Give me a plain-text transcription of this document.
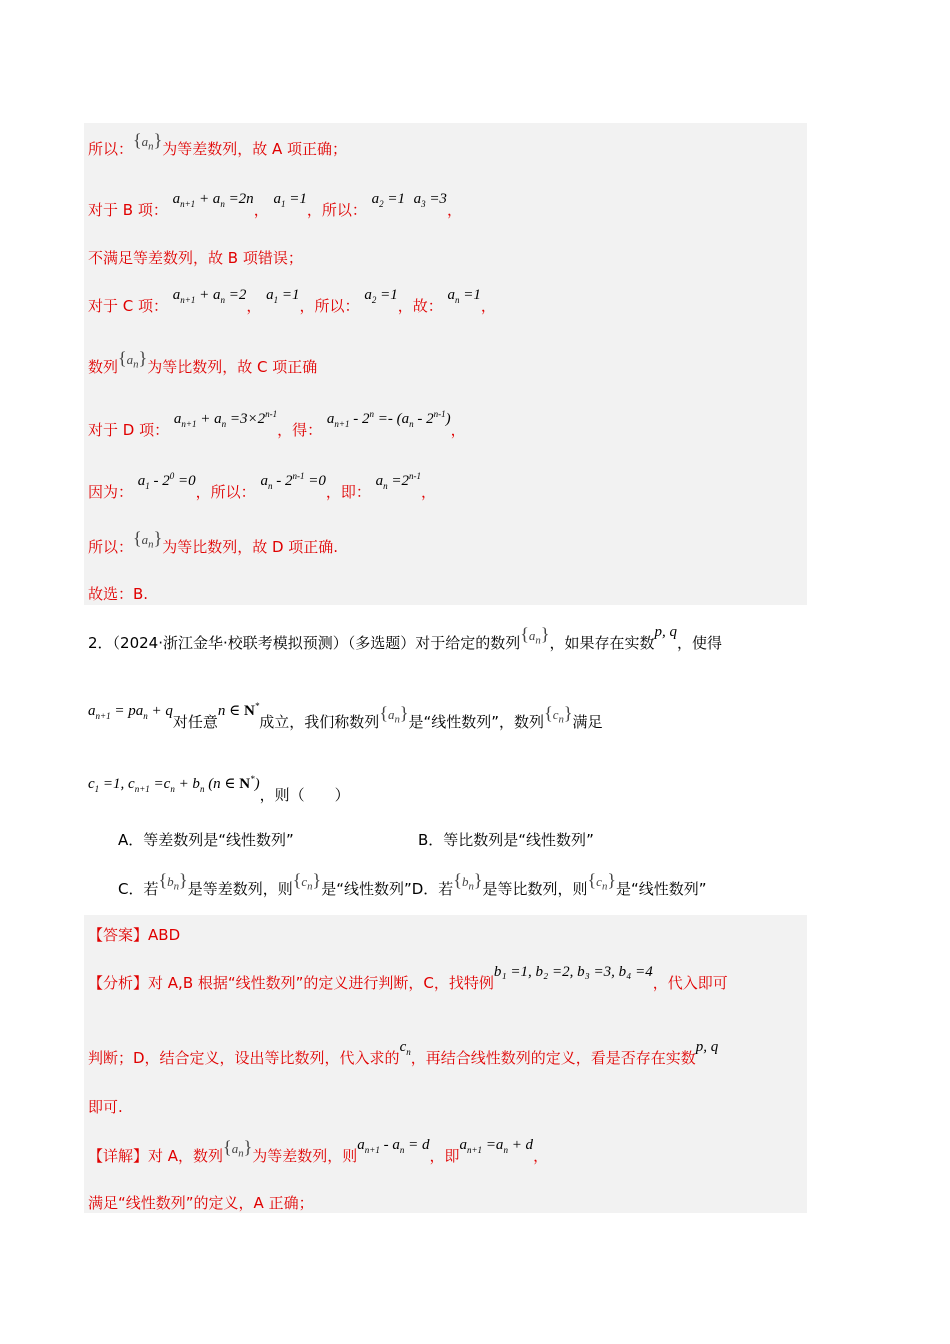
所以：$\{a_n\}$为等差数列，故 A 项正确；
对于 B 项： $a_{n+1} + a_n =2n$， $a_1 =1$，所以： $a_2 =1$ $a_3 =3$，
不满足等差数列，故 B 项错误；
对于 C 项： $a_{n+1} + a_n =2$， $a_1 =1$，所以： $a_2 =1$，故： $a_n =1$，
数列$\{a_n\}$为等比数列，故 C 项正确
对于 D 项： $a_{n+1} + a_n =3\times 2^{n-1}$，得： $a_{n+1} - 2^n =- (a_n - 2^{n-1})$，
因为： $a_1 - 2^0 =0$，所以： $a_n - 2^{n-1} =0$，即： $a_n =2^{n-1}$，
所以：$\{a_n\}$为等比数列，故 D 项正确.
故选：B.
2．（2024·浙江金华·校联考模拟预测）（多选题）对于给定的数列$\{a_n\}$，如果存在实数p, q，使得
$a_{n+1} = pa_n + q$对任意n ∈ N*成立，我们称数列$\{a_n\}$是“线性数列”，数列$\{c_n\}$满足
$c_1 =1$, $c_{n+1} =c_n + b_n$ (n ∈ N*)，则（　　）
A．等差数列是“线性数列”	B．等比数列是“线性数列”
C．若$\{b_n\}$是等差数列，则$\{c_n\}$是“线性数列”D．若$\{b_n\}$是等比数列，则$\{c_n\}$是“线性数列”
【答案】ABD
【分析】对 A,B 根据“线性数列”的定义进行判断，C，找特例b₁ =1, b₂ =2, b₃ =3, b₄ =4，代入即可
判断；D，结合定义，设出等比数列，代入求的$c_n$，再结合线性数列的定义，看是否存在实数p, q
即可.
【详解】对 A，数列$\{a_n\}$为等差数列，则$a_{n+1} - a_n = d$，即$a_{n+1} =a_n + d$，
满足“线性数列”的定义，A 正确；
